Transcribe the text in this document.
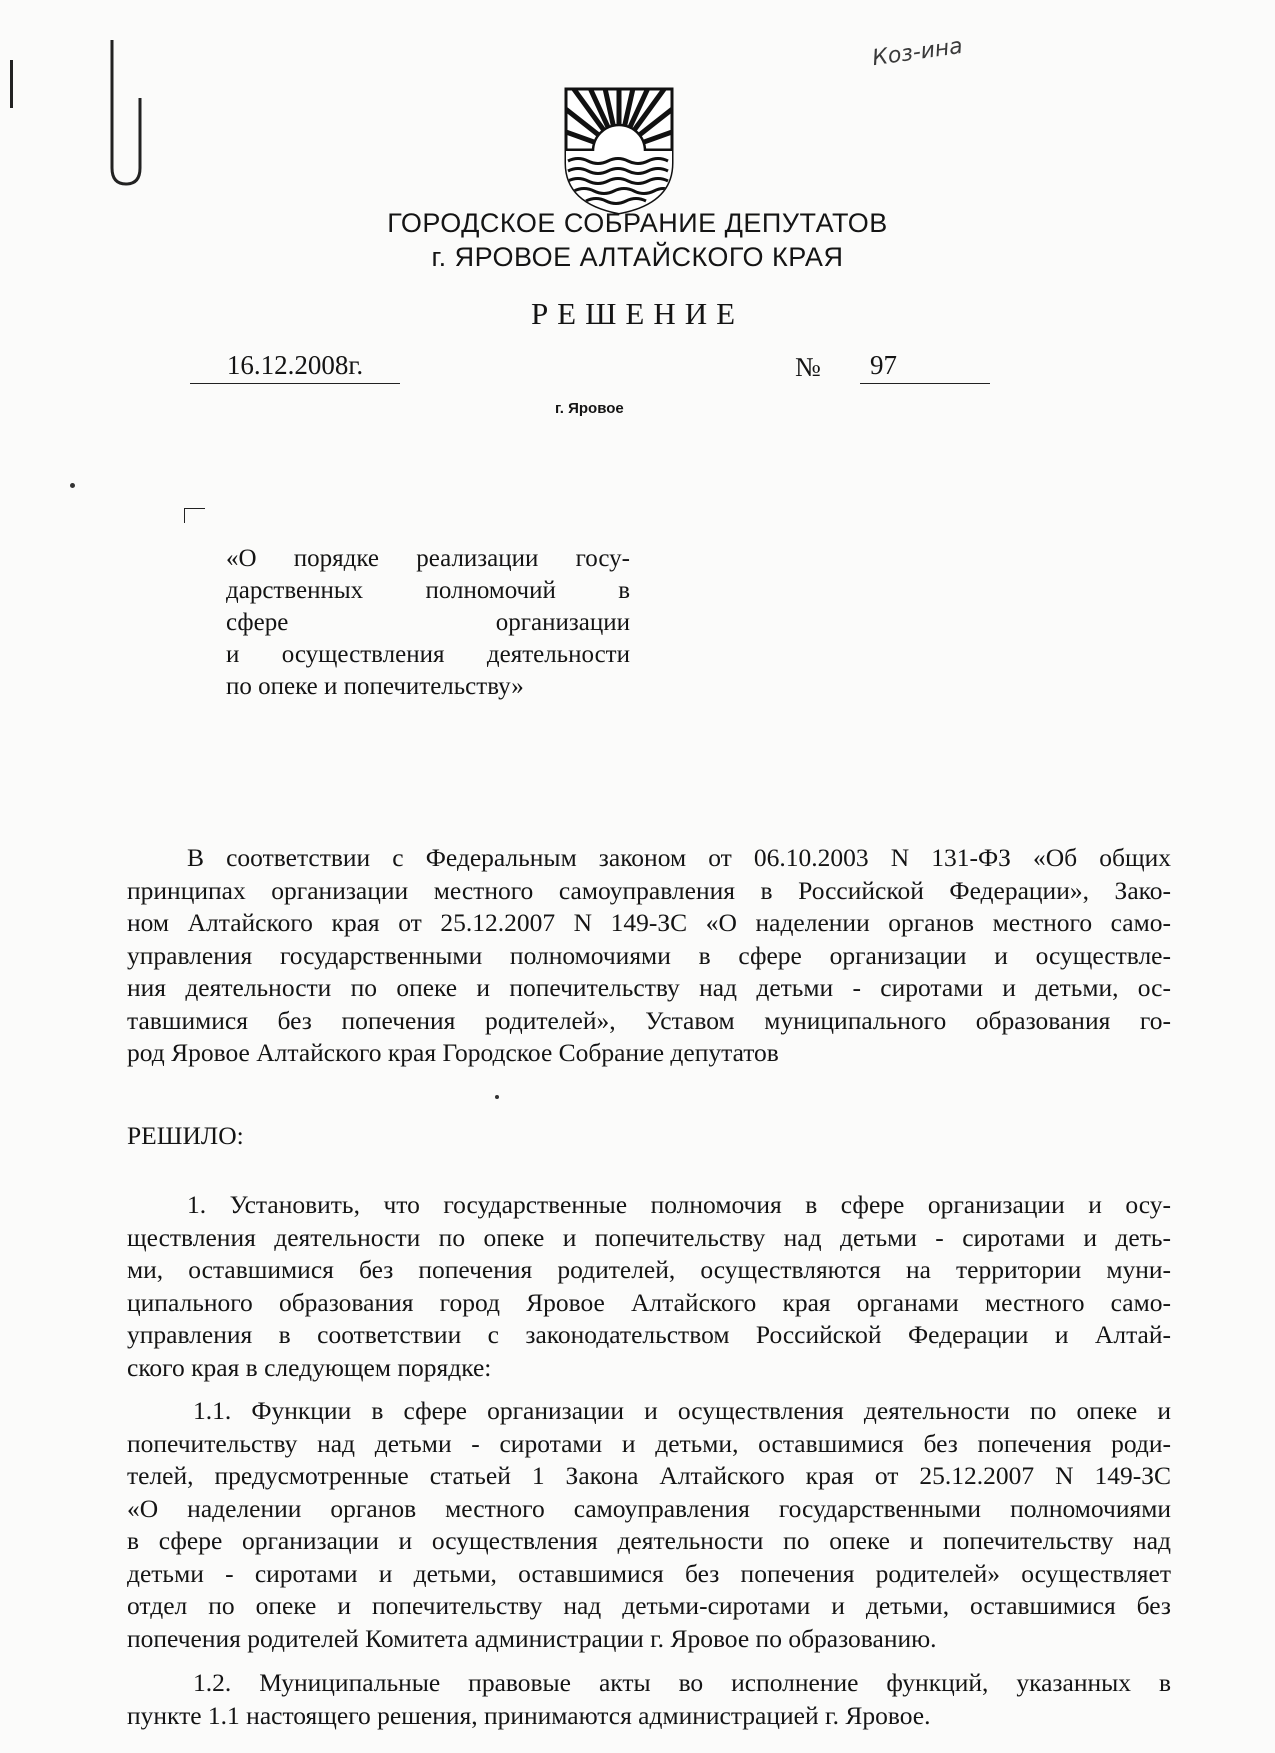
Коз-ина
ГОРОДСКОЕ СОБРАНИЕ ДЕПУТАТОВ
г. ЯРОВОЕ АЛТАЙСКОГО КРАЯ
РЕШЕНИЕ
16.12.2008г.	№	97
г. Яровое
«О порядке реализации госу-
дарственных полномочий в
сфере организации
и осуществления деятельности
по опеке и попечительству»
В соответствии с Федеральным законом от 06.10.2003 N 131-ФЗ «Об общих
принципах организации местного самоуправления в Российской Федерации», Зако-
ном Алтайского края от 25.12.2007 N 149-ЗС «О наделении органов местного само-
управления государственными полномочиями в сфере организации и осуществле-
ния деятельности по опеке и попечительству над детьми - сиротами и детьми, ос-
тавшимися без попечения родителей», Уставом муниципального образования го-
род Яровое Алтайского края Городское Собрание депутатов
РЕШИЛО:
1. Установить, что государственные полномочия в сфере организации и осу-
ществления деятельности по опеке и попечительству над детьми - сиротами и деть-
ми, оставшимися без попечения родителей, осуществляются на территории муни-
ципального образования город Яровое Алтайского края органами местного само-
управления в соответствии с законодательством Российской Федерации и Алтай-
ского края в следующем порядке:
1.1. Функции в сфере организации и осуществления деятельности по опеке и
попечительству над детьми - сиротами и детьми, оставшимися без попечения роди-
телей, предусмотренные статьей 1 Закона Алтайского края от 25.12.2007 N 149-ЗС
«О наделении органов местного самоуправления государственными полномочиями
в сфере организации и осуществления деятельности по опеке и попечительству над
детьми - сиротами и детьми, оставшимися без попечения родителей» осуществляет
отдел по опеке и попечительству над детьми-сиротами и детьми, оставшимися без
попечения родителей Комитета администрации г. Яровое по образованию.
1.2. Муниципальные правовые акты во исполнение функций, указанных в
пункте 1.1 настоящего решения, принимаются администрацией г. Яровое.
